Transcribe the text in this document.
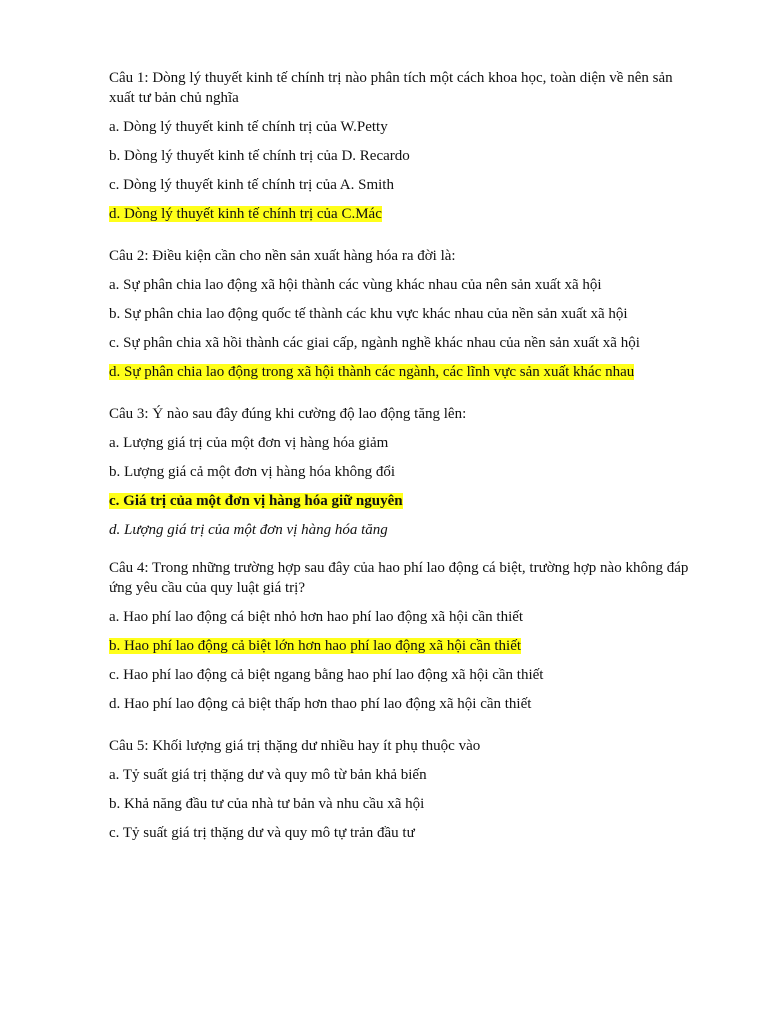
Câu 1: Dòng lý thuyết kinh tế chính trị nào phân tích một cách khoa học, toàn diện về nên sản xuất tư bản chủ nghĩa

a. Dòng lý thuyết kinh tế chính trị của W.Petty
b. Dòng lý thuyết kinh tế chính trị của D. Recardo
c. Dòng lý thuyết kinh tế chính trị của A. Smith
d. Dòng lý thuyết kinh tế chính trị của C.Mác

Câu 2: Điều kiện cần cho nền sản xuất hàng hóa ra đời là:

a. Sự phân chia lao động xã hội thành các vùng khác nhau của nên sản xuất xã hội
b. Sự phân chia lao động quốc tế thành các khu vực khác nhau của nền sản xuất xã hội
c. Sự phân chia xã hồi thành các giai cấp, ngành nghề khác nhau của nền sản xuất xã hội
d. Sự phân chia lao động trong xã hội thành các ngành, các lĩnh vực sản xuất khác nhau

Câu 3: Ý nào sau đây đúng khi cường độ lao động tăng lên:

a. Lượng giá trị của một đơn vị hàng hóa giảm
b. Lượng giá cả một đơn vị hàng hóa không đổi
c. Giá trị của một đơn vị hàng hóa giữ nguyên
d. Lượng giá trị của một đơn vị hàng hóa tăng

Câu 4: Trong những trường hợp sau đây của hao phí lao động cá biệt, trường hợp nào không đáp ứng yêu cầu của quy luật giá trị?

a. Hao phí lao động cá biệt nhỏ hơn hao phí lao động xã hội cần thiết
b. Hao phí lao động cả biệt lớn hơn hao phí lao động xã hội cần thiết
c. Hao phí lao động cả biệt ngang bằng hao phí lao động xã hội cần thiết
d. Hao phí lao động cả biệt thấp hơn thao phí lao động xã hội cần thiết

Câu 5: Khối lượng giá trị thặng dư nhiều hay ít phụ thuộc vào

a. Tỷ suất giá trị thặng dư và quy mô từ bản khả biến
b. Khả năng đầu tư của nhà tư bản và nhu cầu xã hội
c. Tỷ suất giá trị thặng dư và quy mô tự trản đầu tư
